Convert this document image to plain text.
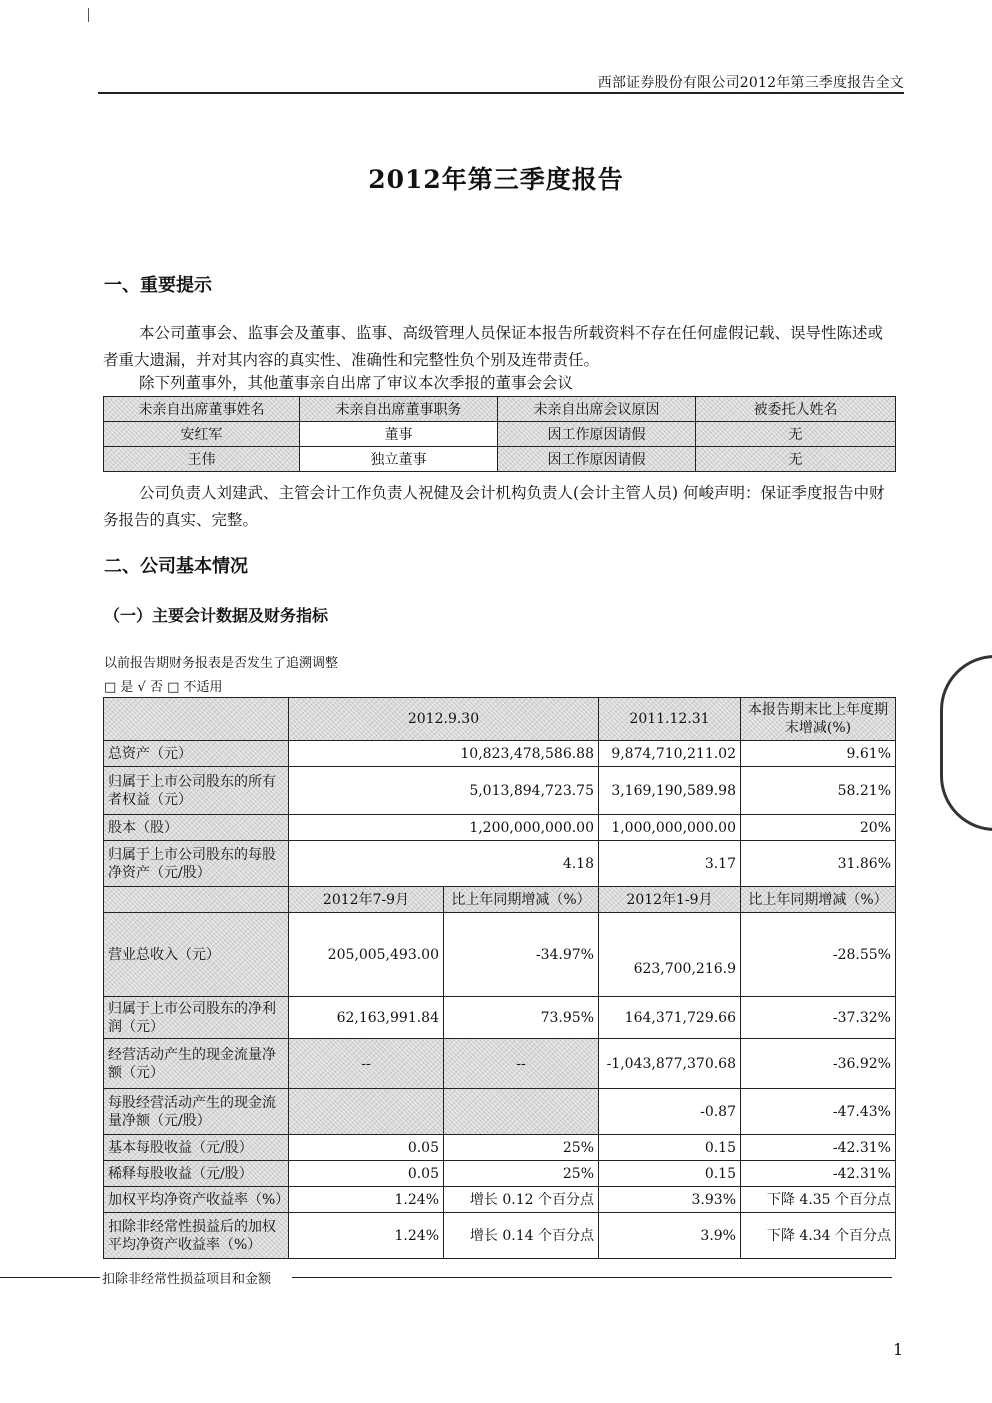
西部证券股份有限公司2012年第三季度报告全文
2012年第三季度报告
一、重要提示
本公司董事会、监事会及董事、监事、高级管理人员保证本报告所载资料不存在任何虚假记载、误导性陈述或者重大遗漏，并对其内容的真实性、准确性和完整性负个别及连带责任。
除下列董事外，其他董事亲自出席了审议本次季报的董事会会议
未亲自出席董事姓名	未亲自出席董事职务	未亲自出席会议原因	被委托人姓名
安红军	董事	因工作原因请假	无
王伟	独立董事	因工作原因请假	无
公司负责人刘建武、主管会计工作负责人祝健及会计机构负责人(会计主管人员) 何峻声明：保证季度报告中财务报告的真实、完整。
二、公司基本情况
（一）主要会计数据及财务指标
以前报告期财务报表是否发生了追溯调整
□ 是 √ 否 □ 不适用
	2012.9.30		2011.12.31	本报告期末比上年度期末增减(%)
总资产（元）	10,823,478,586.88		9,874,710,211.02	9.61%
归属于上市公司股东的所有者权益（元）	5,013,894,723.75		3,169,190,589.98	58.21%
股本（股）	1,200,000,000.00		1,000,000,000.00	20%
归属于上市公司股东的每股净资产（元/股）	4.18		3.17	31.86%
	2012年7-9月	比上年同期增减（%）	2012年1-9月	比上年同期增减（%）
营业总收入（元）	205,005,493.00	-34.97%	623,700,216.9	-28.55%
归属于上市公司股东的净利润（元）	62,163,991.84	73.95%	164,371,729.66	-37.32%
经营活动产生的现金流量净额（元）	--	--	-1,043,877,370.68	-36.92%
每股经营活动产生的现金流量净额（元/股）			-0.87	-47.43%
基本每股收益（元/股）	0.05	25%	0.15	-42.31%
稀释每股收益（元/股）	0.05	25%	0.15	-42.31%
加权平均净资产收益率（%）	1.24%	增长 0.12 个百分点	3.93%	下降 4.35 个百分点
扣除非经常性损益后的加权平均净资产收益率（%）	1.24%	增长 0.14 个百分点	3.9%	下降 4.34 个百分点
扣除非经常性损益项目和金额
1
